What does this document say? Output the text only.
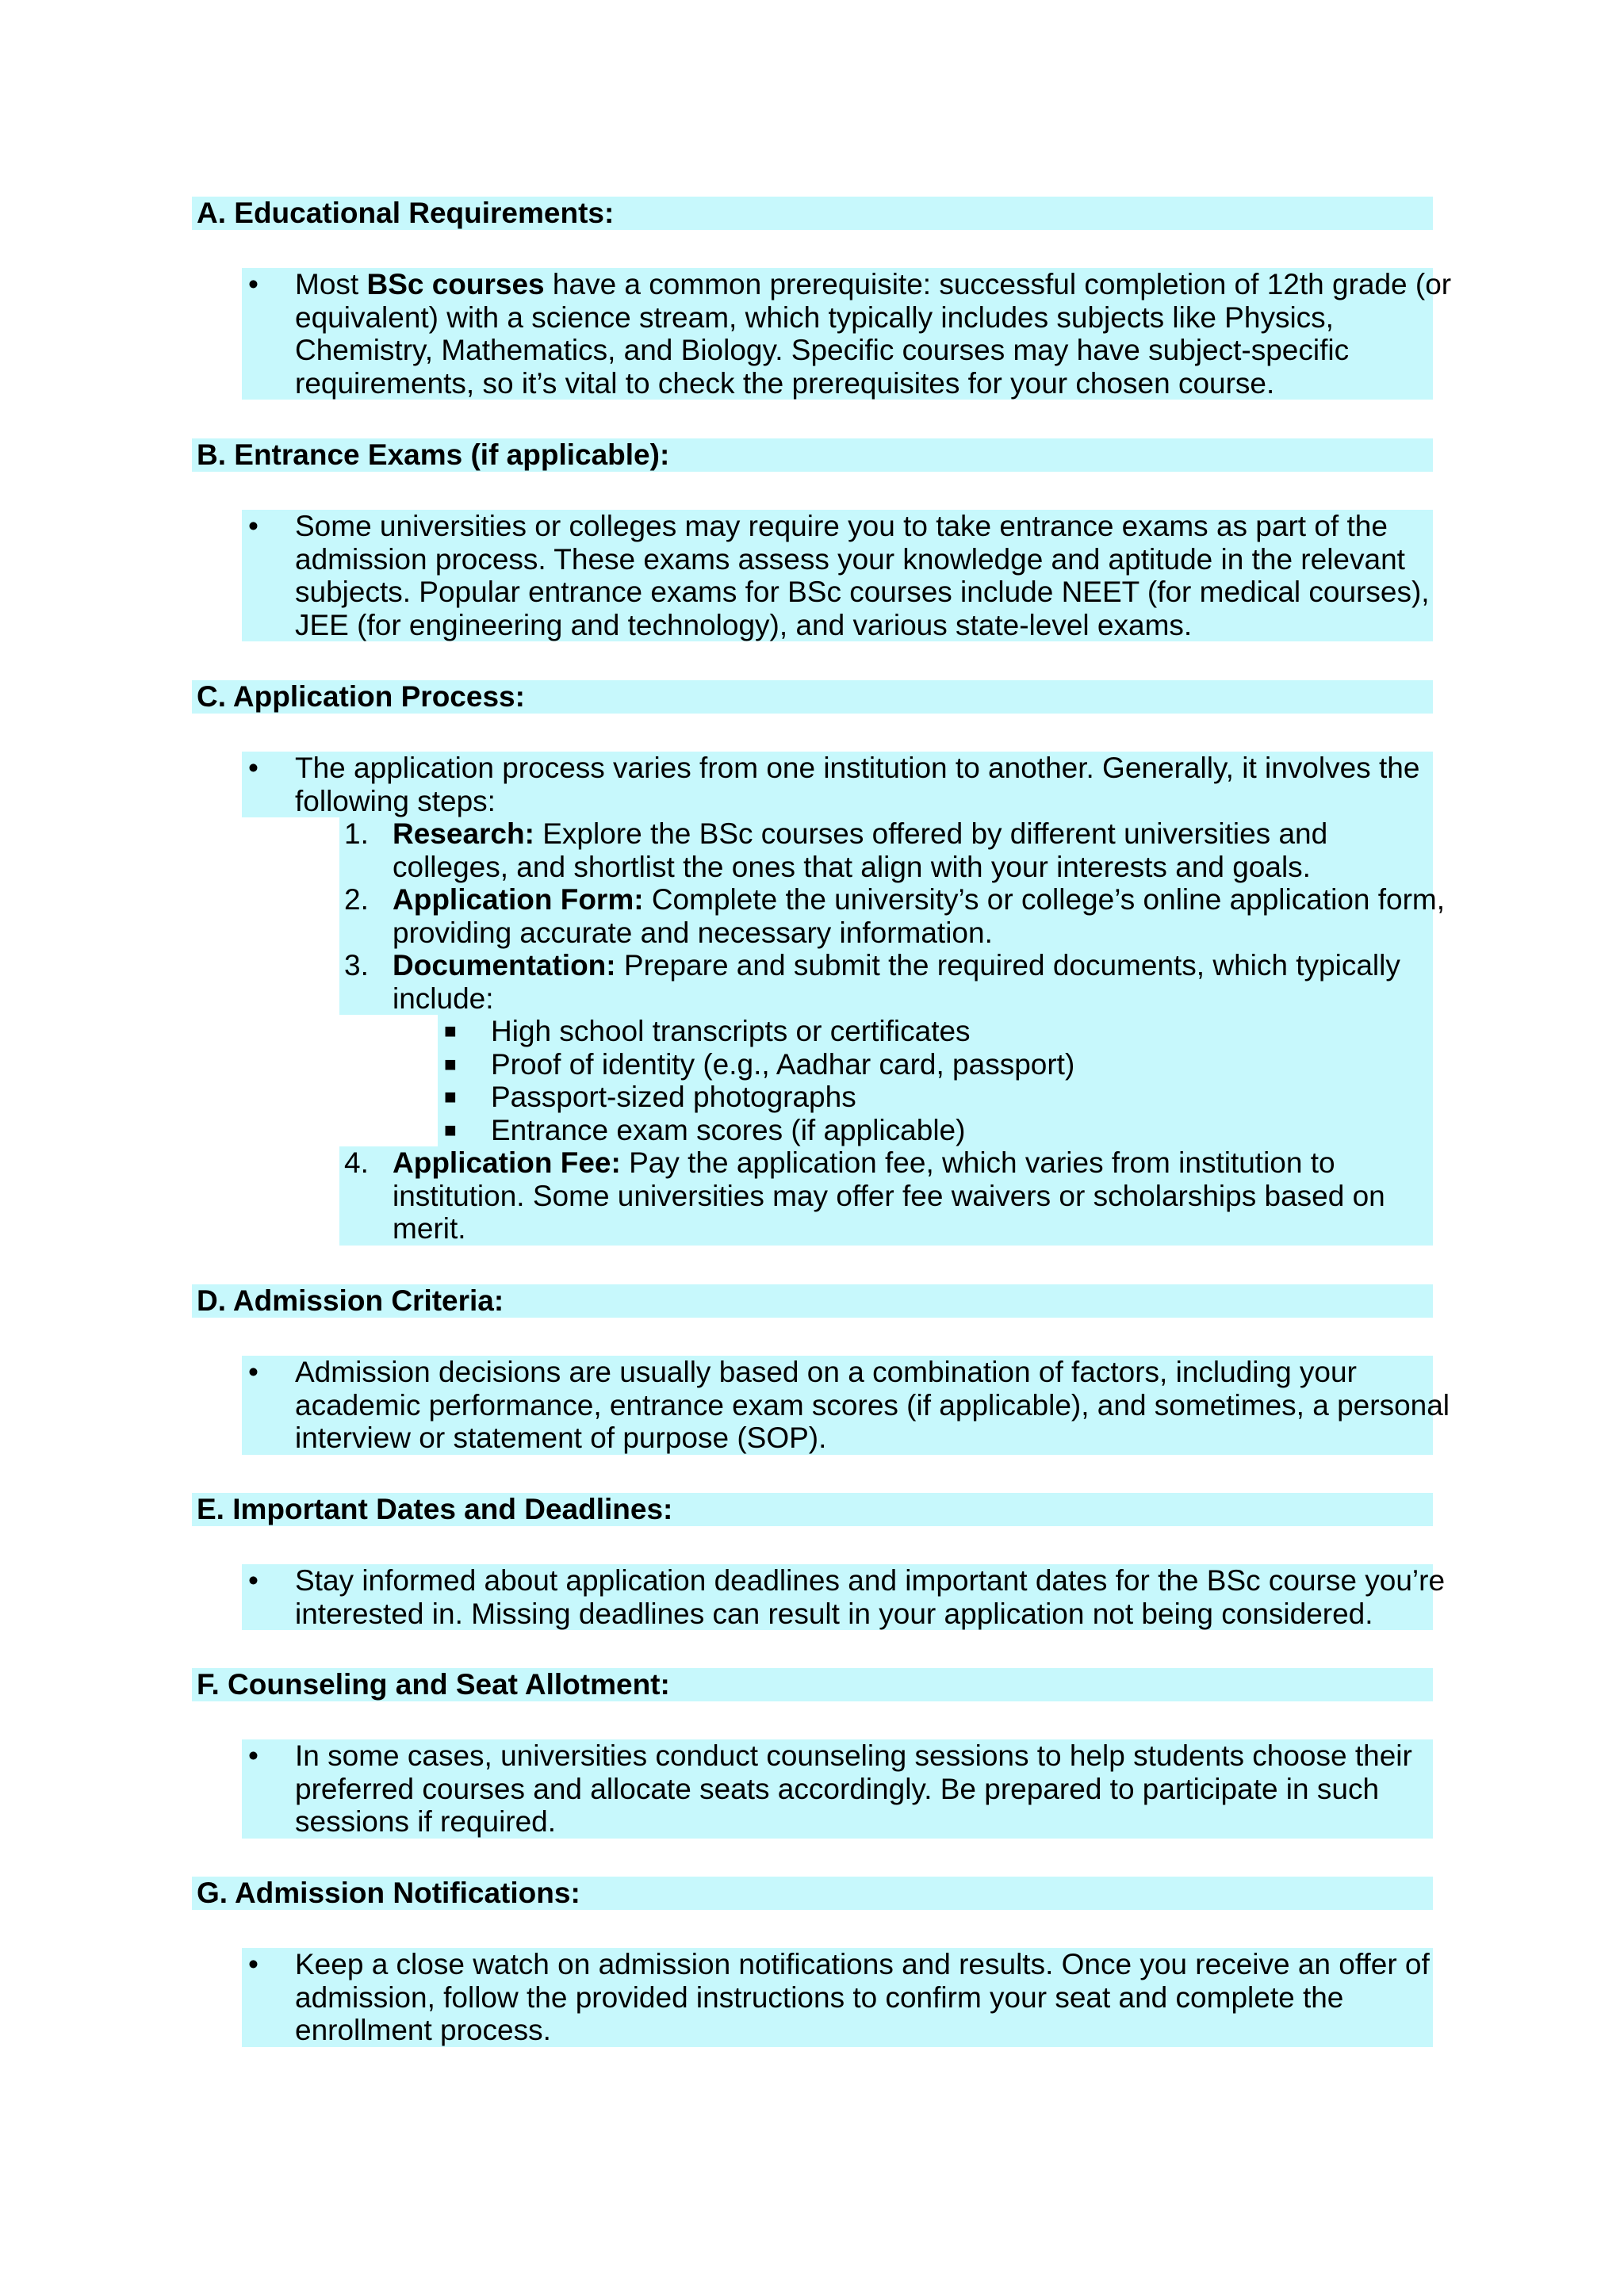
A. Educational Requirements:
• Most BSc courses have a common prerequisite: successful completion of 12th grade (or
equivalent) with a science stream, which typically includes subjects like Physics,
Chemistry, Mathematics, and Biology. Specific courses may have subject-specific
requirements, so it’s vital to check the prerequisites for your chosen course.
B. Entrance Exams (if applicable):
• Some universities or colleges may require you to take entrance exams as part of the
admission process. These exams assess your knowledge and aptitude in the relevant
subjects. Popular entrance exams for BSc courses include NEET (for medical courses),
JEE (for engineering and technology), and various state-level exams.
C. Application Process:
• The application process varies from one institution to another. Generally, it involves the
following steps:
1. Research: Explore the BSc courses offered by different universities and
colleges, and shortlist the ones that align with your interests and goals.
2. Application Form: Complete the university’s or college’s online application form,
providing accurate and necessary information.
3. Documentation: Prepare and submit the required documents, which typically
include:
■ High school transcripts or certificates
■ Proof of identity (e.g., Aadhar card, passport)
■ Passport-sized photographs
■ Entrance exam scores (if applicable)
4. Application Fee: Pay the application fee, which varies from institution to
institution. Some universities may offer fee waivers or scholarships based on
merit.
D. Admission Criteria:
• Admission decisions are usually based on a combination of factors, including your
academic performance, entrance exam scores (if applicable), and sometimes, a personal
interview or statement of purpose (SOP).
E. Important Dates and Deadlines:
• Stay informed about application deadlines and important dates for the BSc course you’re
interested in. Missing deadlines can result in your application not being considered.
F. Counseling and Seat Allotment:
• In some cases, universities conduct counseling sessions to help students choose their
preferred courses and allocate seats accordingly. Be prepared to participate in such
sessions if required.
G. Admission Notifications:
• Keep a close watch on admission notifications and results. Once you receive an offer of
admission, follow the provided instructions to confirm your seat and complete the
enrollment process.
